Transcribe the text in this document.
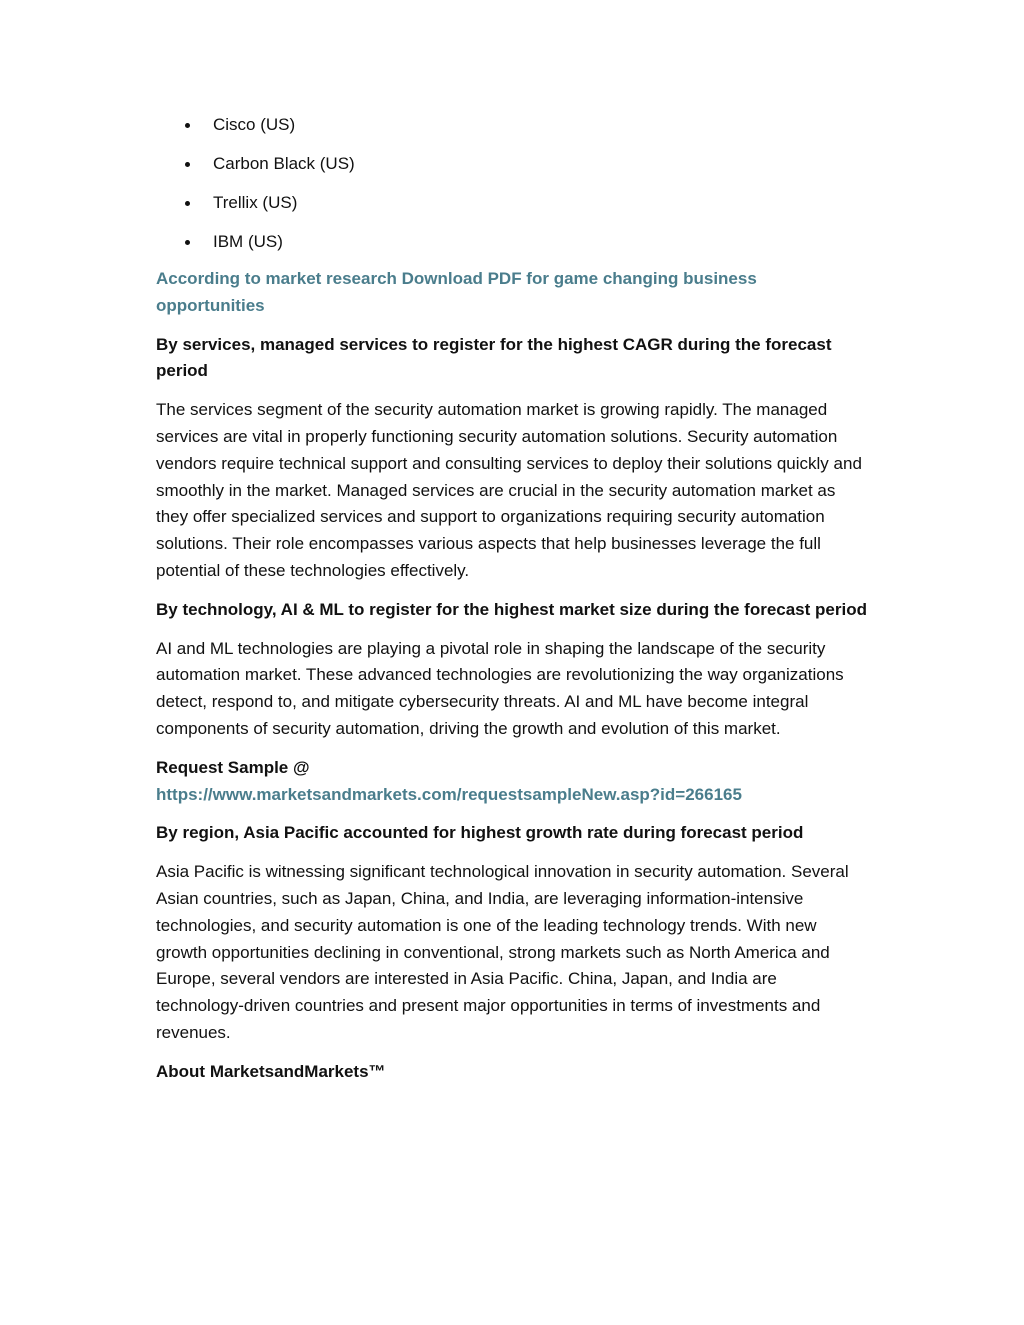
Cisco (US)
Carbon Black (US)
Trellix (US)
IBM (US)

According to market research Download PDF for game changing business opportunities

By services, managed services to register for the highest CAGR during the forecast period

The services segment of the security automation market is growing rapidly. The managed services are vital in properly functioning security automation solutions. Security automation vendors require technical support and consulting services to deploy their solutions quickly and smoothly in the market. Managed services are crucial in the security automation market as they offer specialized services and support to organizations requiring security automation solutions. Their role encompasses various aspects that help businesses leverage the full potential of these technologies effectively.

By technology, AI & ML to register for the highest market size during the forecast period

AI and ML technologies are playing a pivotal role in shaping the landscape of the security automation market. These advanced technologies are revolutionizing the way organizations detect, respond to, and mitigate cybersecurity threats. AI and ML have become integral components of security automation, driving the growth and evolution of this market.

Request Sample @
https://www.marketsandmarkets.com/requestsampleNew.asp?id=266165

By region, Asia Pacific accounted for highest growth rate during forecast period

Asia Pacific is witnessing significant technological innovation in security automation. Several Asian countries, such as Japan, China, and India, are leveraging information-intensive technologies, and security automation is one of the leading technology trends. With new growth opportunities declining in conventional, strong markets such as North America and Europe, several vendors are interested in Asia Pacific. China, Japan, and India are technology-driven countries and present major opportunities in terms of investments and revenues.

About MarketsandMarkets™
